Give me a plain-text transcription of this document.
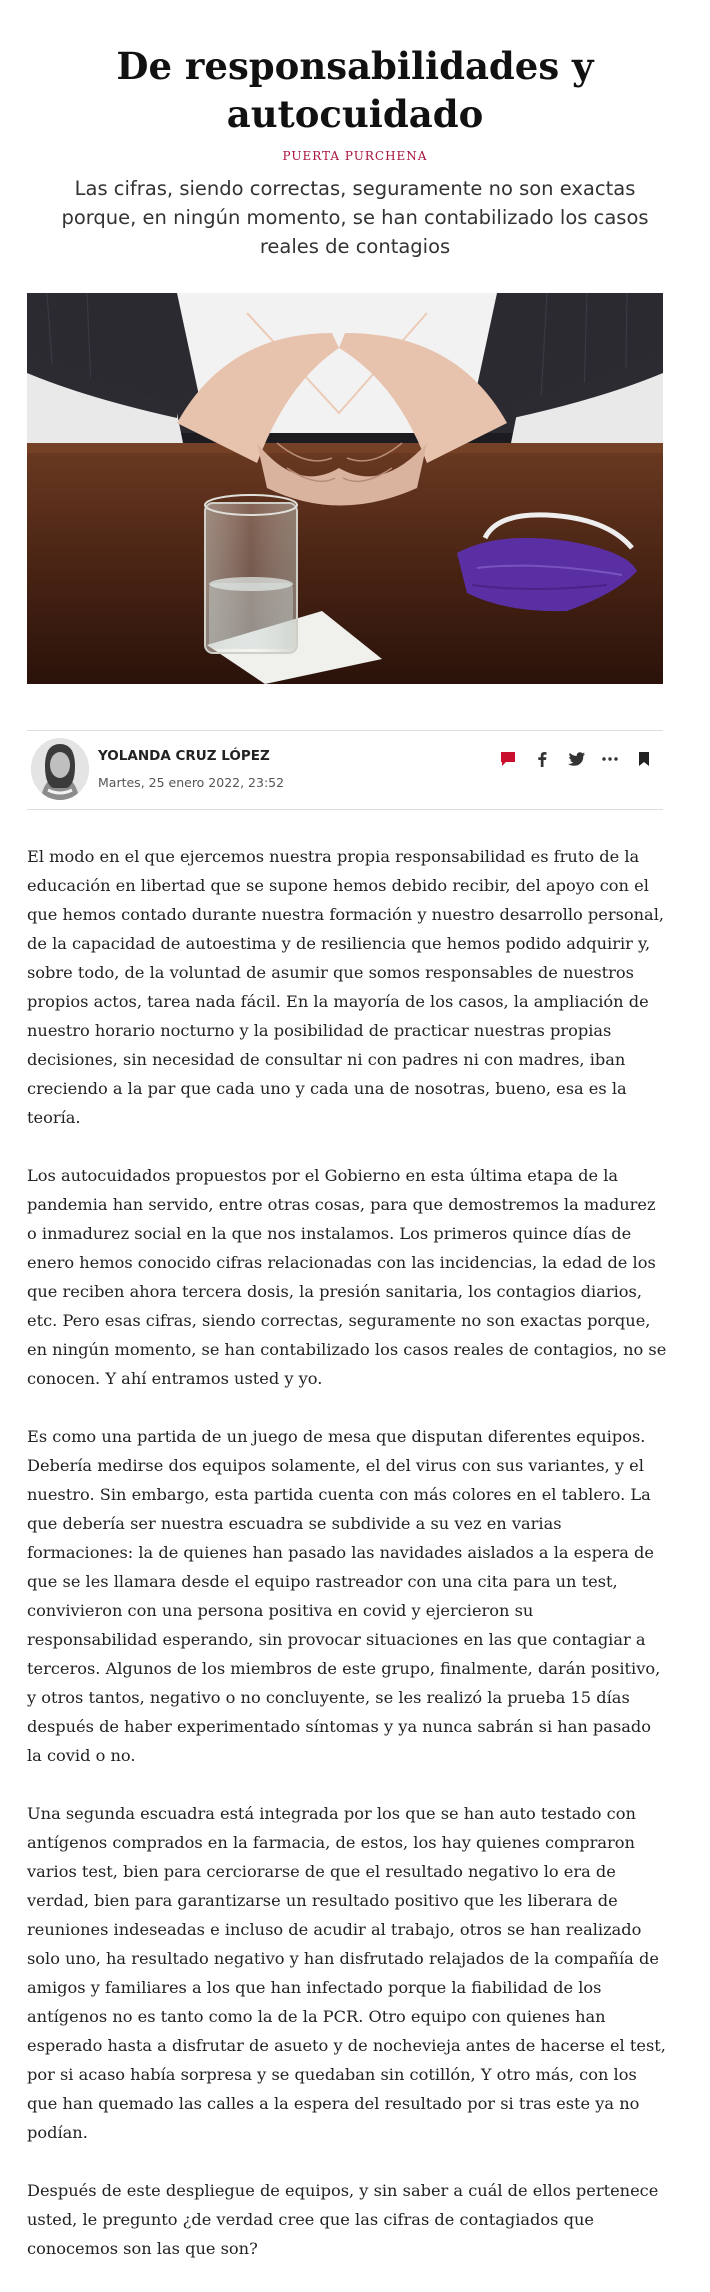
De responsabilidades y autocuidado
PUERTA PURCHENA

Las cifras, siendo correctas, seguramente no son exactas porque, en ningún momento, se han contabilizado los casos reales de contagios

YOLANDA CRUZ LÓPEZ
Martes, 25 enero 2022, 23:52

El modo en el que ejercemos nuestra propia responsabilidad es fruto de la educación en libertad que se supone hemos debido recibir, del apoyo con el que hemos contado durante nuestra formación y nuestro desarrollo personal, de la capacidad de autoestima y de resiliencia que hemos podido adquirir y, sobre todo, de la voluntad de asumir que somos responsables de nuestros propios actos, tarea nada fácil. En la mayoría de los casos, la ampliación de nuestro horario nocturno y la posibilidad de practicar nuestras propias decisiones, sin necesidad de consultar ni con padres ni con madres, iban creciendo a la par que cada uno y cada una de nosotras, bueno, esa es la teoría.

Los autocuidados propuestos por el Gobierno en esta última etapa de la pandemia han servido, entre otras cosas, para que demostremos la madurez o inmadurez social en la que nos instalamos. Los primeros quince días de enero hemos conocido cifras relacionadas con las incidencias, la edad de los que reciben ahora tercera dosis, la presión sanitaria, los contagios diarios, etc. Pero esas cifras, siendo correctas, seguramente no son exactas porque, en ningún momento, se han contabilizado los casos reales de contagios, no se conocen. Y ahí entramos usted y yo.

Es como una partida de un juego de mesa que disputan diferentes equipos. Debería medirse dos equipos solamente, el del virus con sus variantes, y el nuestro. Sin embargo, esta partida cuenta con más colores en el tablero. La que debería ser nuestra escuadra se subdivide a su vez en varias formaciones: la de quienes han pasado las navidades aislados a la espera de que se les llamara desde el equipo rastreador con una cita para un test, convivieron con una persona positiva en covid y ejercieron su responsabilidad esperando, sin provocar situaciones en las que contagiar a terceros. Algunos de los miembros de este grupo, finalmente, darán positivo, y otros tantos, negativo o no concluyente, se les realizó la prueba 15 días después de haber experimentado síntomas y ya nunca sabrán si han pasado la covid o no.

Una segunda escuadra está integrada por los que se han auto testado con antígenos comprados en la farmacia, de estos, los hay quienes compraron varios test, bien para cerciorarse de que el resultado negativo lo era de verdad, bien para garantizarse un resultado positivo que les liberara de reuniones indeseadas e incluso de acudir al trabajo, otros se han realizado solo uno, ha resultado negativo y han disfrutado relajados de la compañía de amigos y familiares a los que han infectado porque la fiabilidad de los antígenos no es tanto como la de la PCR. Otro equipo con quienes han esperado hasta a disfrutar de asueto y de nochevieja antes de hacerse el test, por si acaso había sorpresa y se quedaban sin cotillón, Y otro más, con los que han quemado las calles a la espera del resultado por si tras este ya no podían.

Después de este despliegue de equipos, y sin saber a cuál de ellos pertenece usted, le pregunto ¿de verdad cree que las cifras de contagiados que conocemos son las que son?
